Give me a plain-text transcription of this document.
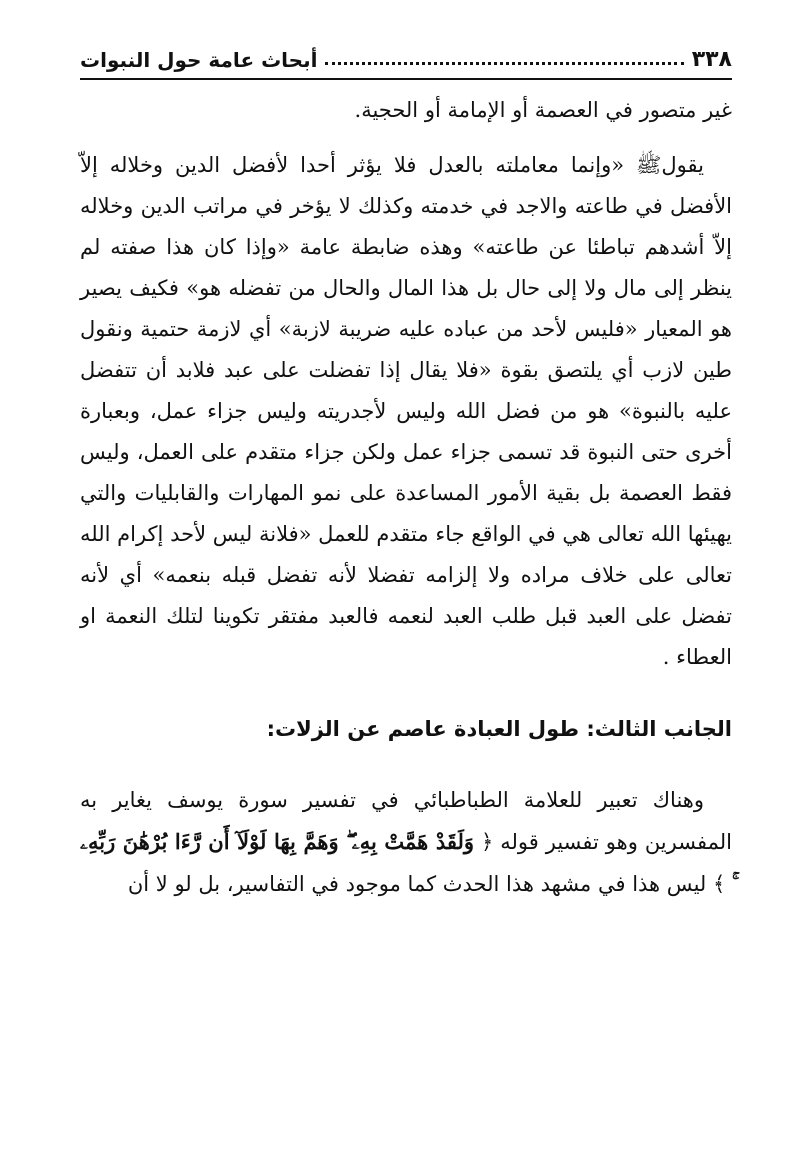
٣٣٨
أبحاث عامة حول النبوات

غير متصور في العصمة أو الإمامة أو الحجية.

يقولﷺ «وإنما معاملته بالعدل فلا يؤثر أحدا لأفضل الدين وخلاله إلاّ الأفضل في طاعته والاجد في خدمته وكذلك لا يؤخر في مراتب الدين وخلاله إلاّ أشدهم تباطئا عن طاعته» وهذه ضابطة عامة «وإذا كان هذا صفته لم ينظر إلى مال ولا إلى حال بل هذا المال والحال من تفضله هو» فكيف يصير هو المعيار «فليس لأحد من عباده عليه ضريبة لازبة» أي لازمة حتمية ونقول طين لازب أي يلتصق بقوة «فلا يقال إذا تفضلت على عبد فلابد أن تتفضل عليه بالنبوة» هو من فضل الله وليس لأجدريته وليس جزاء عمل، وبعبارة أخرى حتى النبوة قد تسمى جزاء عمل ولكن جزاء متقدم على العمل، وليس فقط العصمة بل بقية الأمور المساعدة على نمو المهارات والقابليات والتي يهيئها الله تعالى هي في الواقع جاء متقدم للعمل «فلانة ليس لأحد إكرام الله تعالى على خلاف مراده ولا إلزامه تفضلا لأنه تفضل قبله بنعمه» أي لأنه تفضل على العبد قبل طلب العبد لنعمه فالعبد مفتقر تكوينا لتلك النعمة او العطاء .

الجانب الثالث: طول العبادة عاصم عن الزلات:

وهناك تعبير للعلامة الطباطبائي في تفسير سورة يوسف يغاير به المفسرين وهو تفسير قوله ﴿ وَلَقَدْ هَمَّتْ بِهِۦ ۖ وَهَمَّ بِهَا لَوْلَآ أَن رَّءَا بُرْهَٰنَ رَبِّهِۦ ﴾ ليس هذا في مشهد هذا الحدث كما موجود في التفاسير، بل لو لا أن
